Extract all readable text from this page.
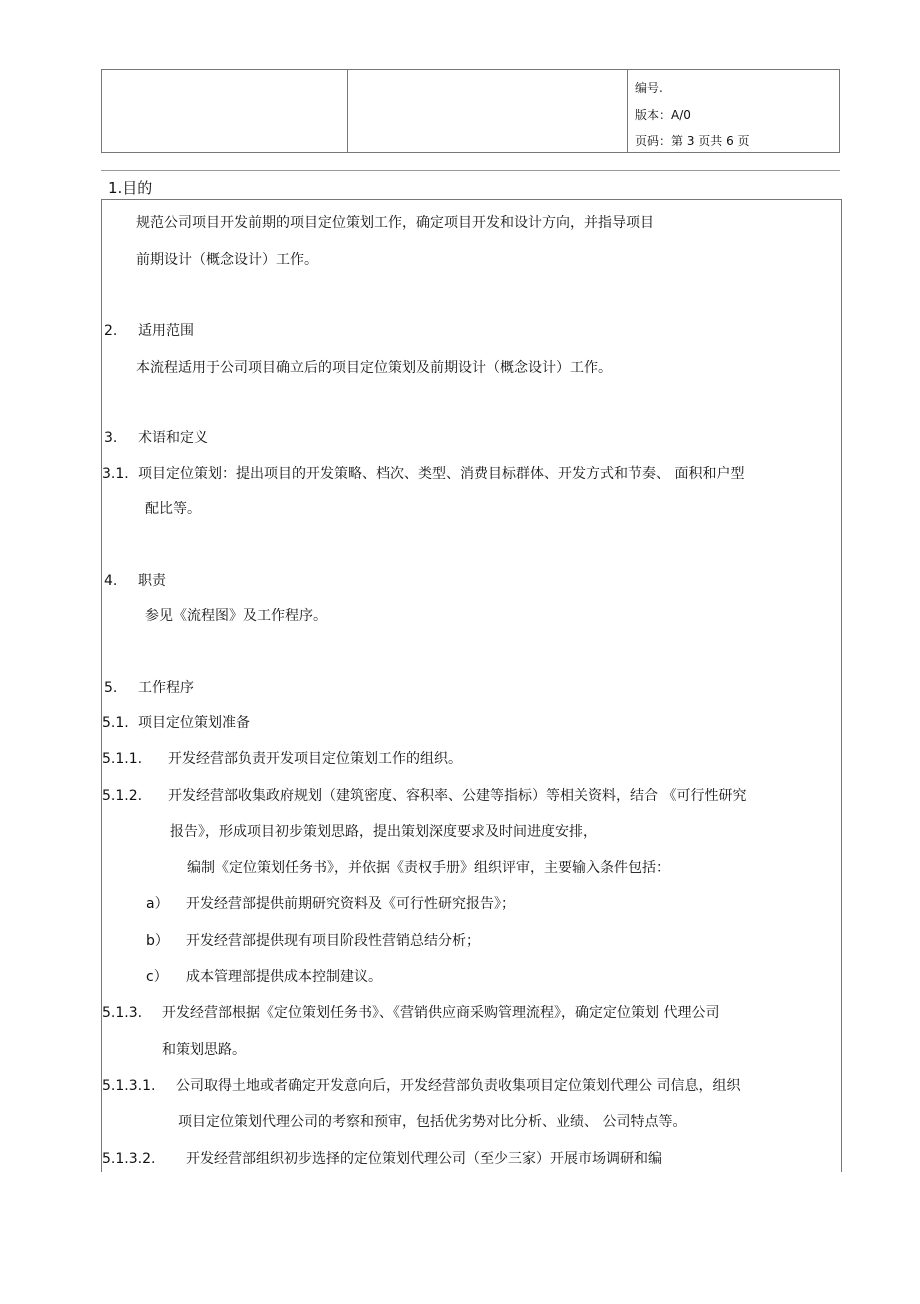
编号.
版本：A/0
页码：第 3 页共 6 页
1.目的
规范公司项目开发前期的项目定位策划工作，确定项目开发和设计方向，并指导项目
前期设计（概念设计）工作。
2. 适用范围
本流程适用于公司项目确立后的项目定位策划及前期设计（概念设计）工作。
3. 术语和定义
3.1. 项目定位策划：提出项目的开发策略、档次、类型、消费目标群体、开发方式和节奏、 面积和户型
配比等。
4. 职责
参见《流程图》及工作程序。
5. 工作程序
5.1. 项目定位策划准备
5.1.1. 开发经营部负责开发项目定位策划工作的组织。
5.1.2. 开发经营部收集政府规划（建筑密度、容积率、公建等指标）等相关资料，结合 《可行性研究
报告》，形成项目初步策划思路，提出策划深度要求及时间进度安排，
编制《定位策划任务书》，并依据《责权手册》组织评审，主要输入条件包括：
a） 开发经营部提供前期研究资料及《可行性研究报告》；
b） 开发经营部提供现有项目阶段性营销总结分析；
c） 成本管理部提供成本控制建议。
5.1.3. 开发经营部根据《定位策划任务书》、《营销供应商采购管理流程》，确定定位策划 代理公司
和策划思路。
5.1.3.1. 公司取得土地或者确定开发意向后，开发经营部负责收集项目定位策划代理公 司信息，组织
项目定位策划代理公司的考察和预审，包括优劣势对比分析、业绩、 公司特点等。
5.1.3.2. 开发经营部组织初步选择的定位策划代理公司（至少三家）开展市场调研和编
